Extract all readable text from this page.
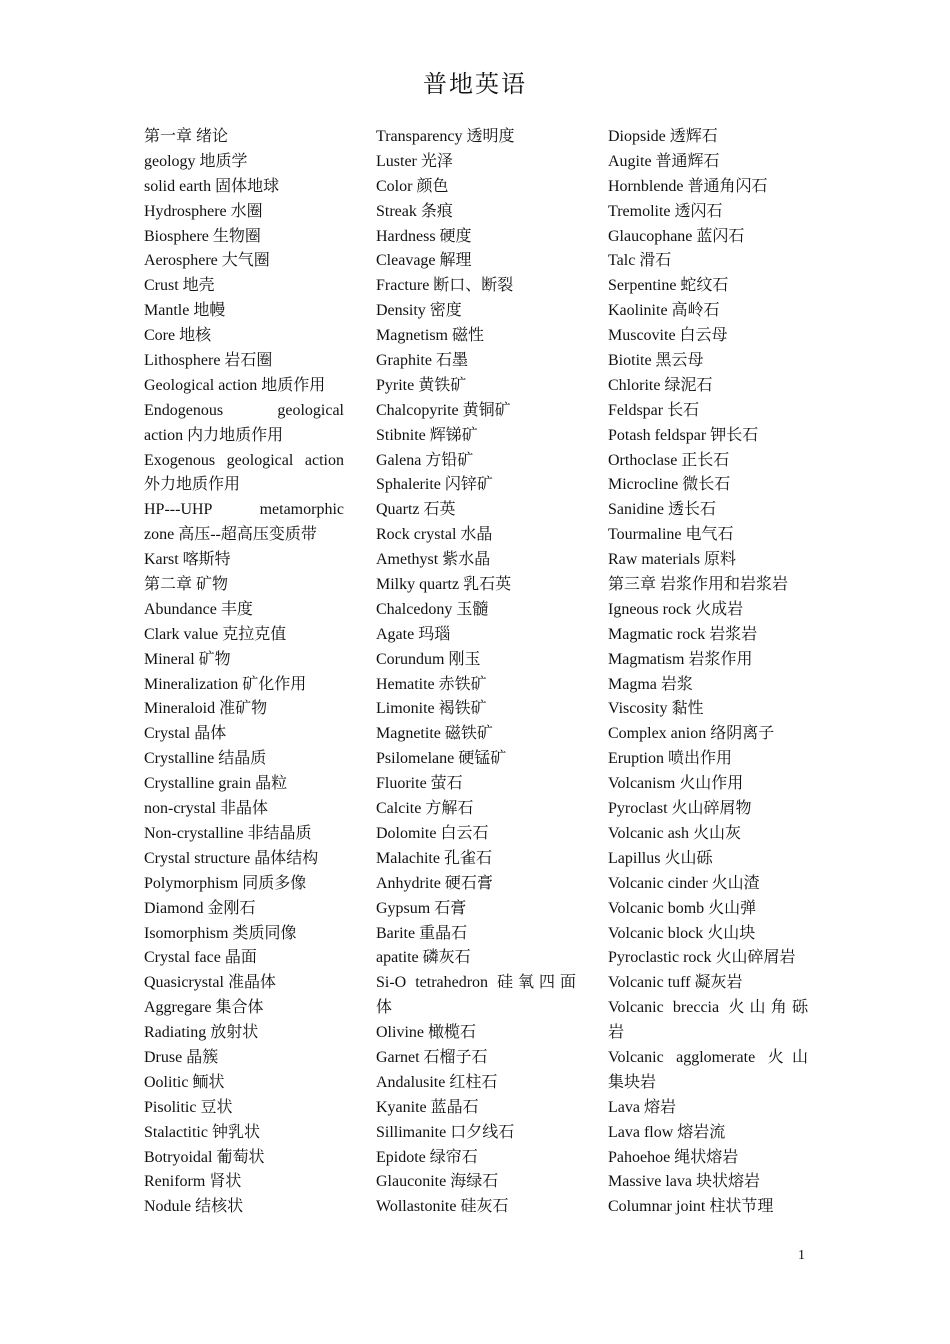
普地英语
第一章 绪论
geology 地质学
solid earth 固体地球
Hydrosphere 水圈
Biosphere 生物圈
Aerosphere 大气圈
Crust 地壳
Mantle 地幔
Core 地核
Lithosphere 岩石圈
Geological action 地质作用
Endogenous geological
action 内力地质作用
Exogenous geological action
外力地质作用
HP---UHP metamorphic
zone 高压--超高压变质带
Karst 喀斯特
第二章 矿物
Abundance 丰度
Clark value 克拉克值
Mineral 矿物
Mineralization 矿化作用
Mineraloid 准矿物
Crystal 晶体
Crystalline 结晶质
Crystalline grain 晶粒
non-crystal 非晶体
Non-crystalline 非结晶质
Crystal structure 晶体结构
Polymorphism 同质多像
Diamond 金刚石
Isomorphism 类质同像
Crystal face 晶面
Quasicrystal 准晶体
Aggregare 集合体
Radiating 放射状
Druse 晶簇
Oolitic 鲕状
Pisolitic 豆状
Stalactitic 钟乳状
Botryoidal 葡萄状
Reniform 肾状
Nodule 结核状
Transparency 透明度
Luster 光泽
Color 颜色
Streak 条痕
Hardness 硬度
Cleavage 解理
Fracture 断口、断裂
Density 密度
Magnetism 磁性
Graphite 石墨
Pyrite 黄铁矿
Chalcopyrite 黄铜矿
Stibnite 辉锑矿
Galena 方铅矿
Sphalerite 闪锌矿
Quartz 石英
Rock crystal 水晶
Amethyst 紫水晶
Milky quartz 乳石英
Chalcedony 玉髓
Agate 玛瑙
Corundum 刚玉
Hematite 赤铁矿
Limonite 褐铁矿
Magnetite 磁铁矿
Psilomelane 硬锰矿
Fluorite 萤石
Calcite 方解石
Dolomite 白云石
Malachite 孔雀石
Anhydrite 硬石膏
Gypsum 石膏
Barite 重晶石
apatite 磷灰石
Si-O tetrahedron 硅氧四面
体
Olivine 橄榄石
Garnet 石榴子石
Andalusite 红柱石
Kyanite 蓝晶石
Sillimanite 口夕线石
Epidote 绿帘石
Glauconite 海绿石
Wollastonite 硅灰石
Diopside 透辉石
Augite 普通辉石
Hornblende 普通角闪石
Tremolite 透闪石
Glaucophane 蓝闪石
Talc 滑石
Serpentine 蛇纹石
Kaolinite 高岭石
Muscovite 白云母
Biotite 黑云母
Chlorite 绿泥石
Feldspar 长石
Potash feldspar 钾长石
Orthoclase 正长石
Microcline 微长石
Sanidine 透长石
Tourmaline 电气石
Raw materials 原料
第三章 岩浆作用和岩浆岩
Igneous rock 火成岩
Magmatic rock 岩浆岩
Magmatism 岩浆作用
Magma 岩浆
Viscosity 黏性
Complex anion 络阴离子
Eruption 喷出作用
Volcanism 火山作用
Pyroclast 火山碎屑物
Volcanic ash 火山灰
Lapillus 火山砾
Volcanic cinder 火山渣
Volcanic bomb 火山弹
Volcanic block 火山块
Pyroclastic rock 火山碎屑岩
Volcanic tuff 凝灰岩
Volcanic breccia 火山角砾
岩
Volcanic agglomerate 火山
集块岩
Lava 熔岩
Lava flow 熔岩流
Pahoehoe 绳状熔岩
Massive lava 块状熔岩
Columnar joint 柱状节理
1
